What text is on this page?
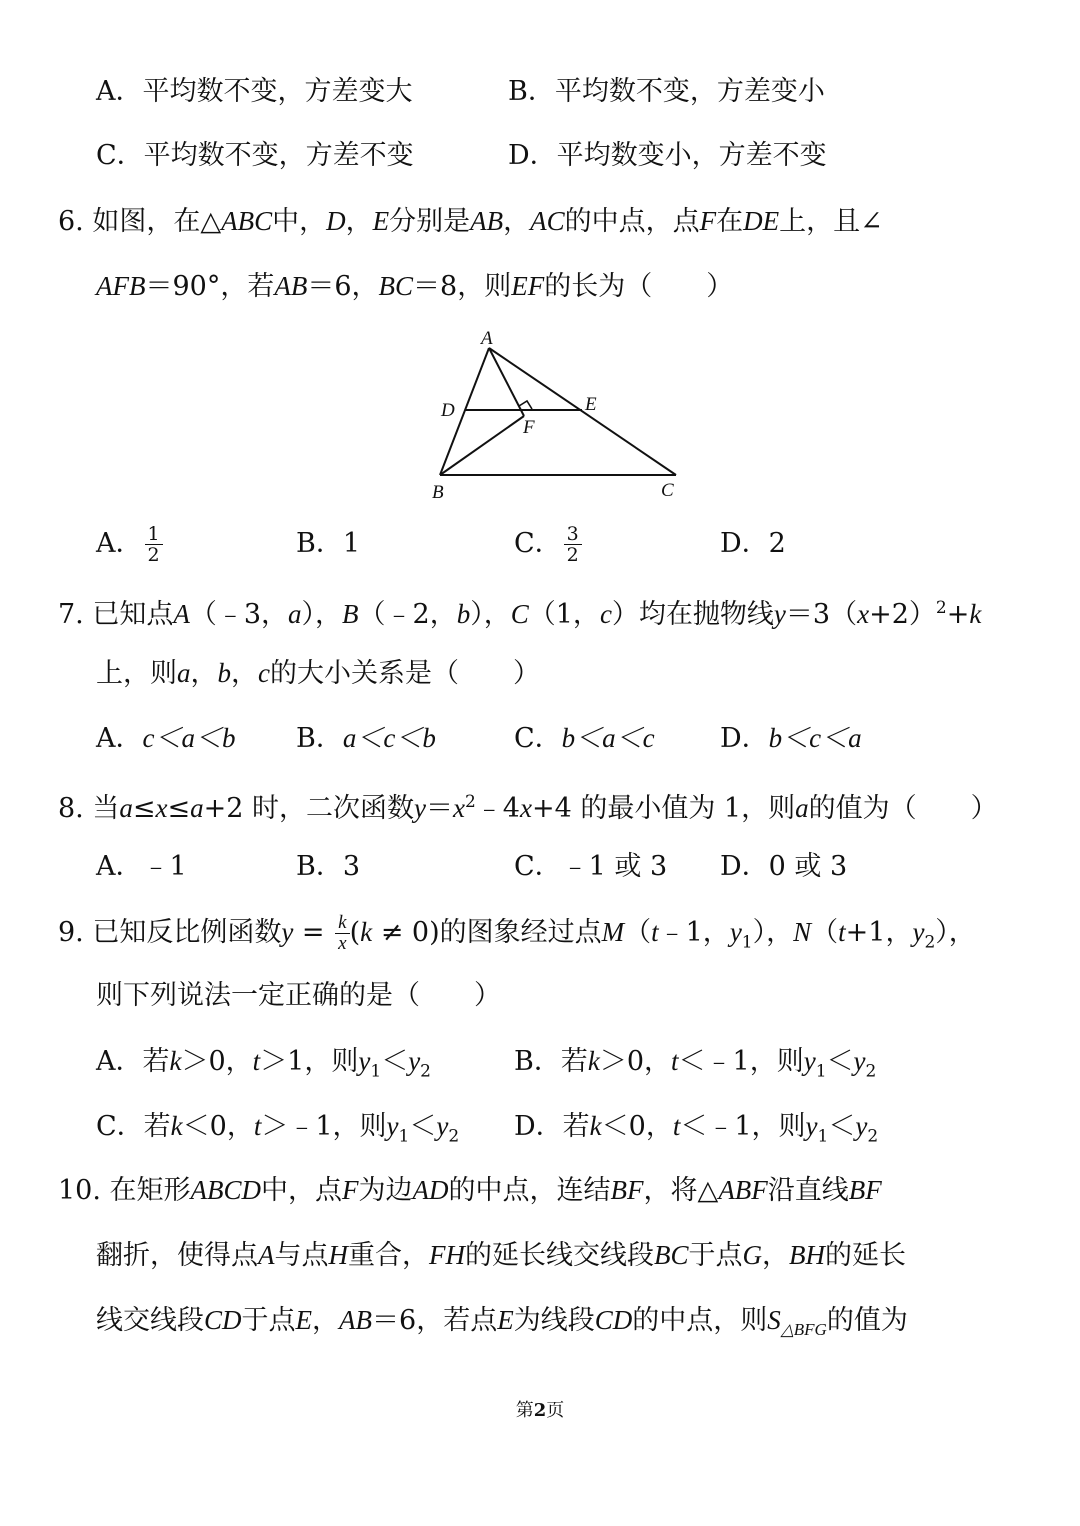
A．平均数不变，方差变大	B．平均数不变，方差变小
C．平均数不变，方差不变	D．平均数变小，方差不变
6. 如图，在△ABC中，D，E分别是AB，AC的中点，点F在DE上，且∠
AFB＝90°，若AB＝6，BC＝8，则EF的长为（　　）
A
D	E
F
B	C
A． $\frac{1}{2}$	B．1	C． $\frac{3}{2}$	D．2
7. 已知点A（﹣3，a），B（﹣2，b），C（1，c）均在抛物线$y=3(x+2)^2+k$
上，则a，b，c的大小关系是（　　）
A．c＜a＜b B．a＜c＜b	C．b＜a＜c D．b＜c＜a
8. 当a≤x≤a+2 时，二次函数$y=x^2﹣4x+4$ 的最小值为 1，则a的值为（　　）
A．﹣1	B．3	C．﹣1 或 3 D．0 或 3
9. 已知反比例函数$y = \frac{k}{x} (k \ne 0)$的图象经过点M（t﹣1，$y_1$），N（t+1，$y_2$），
则下列说法一定正确的是（　　）
A．若k＞0，t＞1，则$y_1<y_2$	B．若k＞0，t＜﹣1，则$y_1<y_2$
C．若k＜0，t＞﹣1，则$y_1<y_2$ D．若k＜0，t＜﹣1，则$y_1<y_2$
10. 在矩形ABCD中，点F为边AD的中点，连结BF，将△ABF沿直线BF
翻折，使得点A与点H重合，FH的延长线交线段BC于点G，BH的延长
线交线段CD于点E，AB＝6，若点E为线段CD的中点，则$S_{\triangle BFG}$的值为
第2页
